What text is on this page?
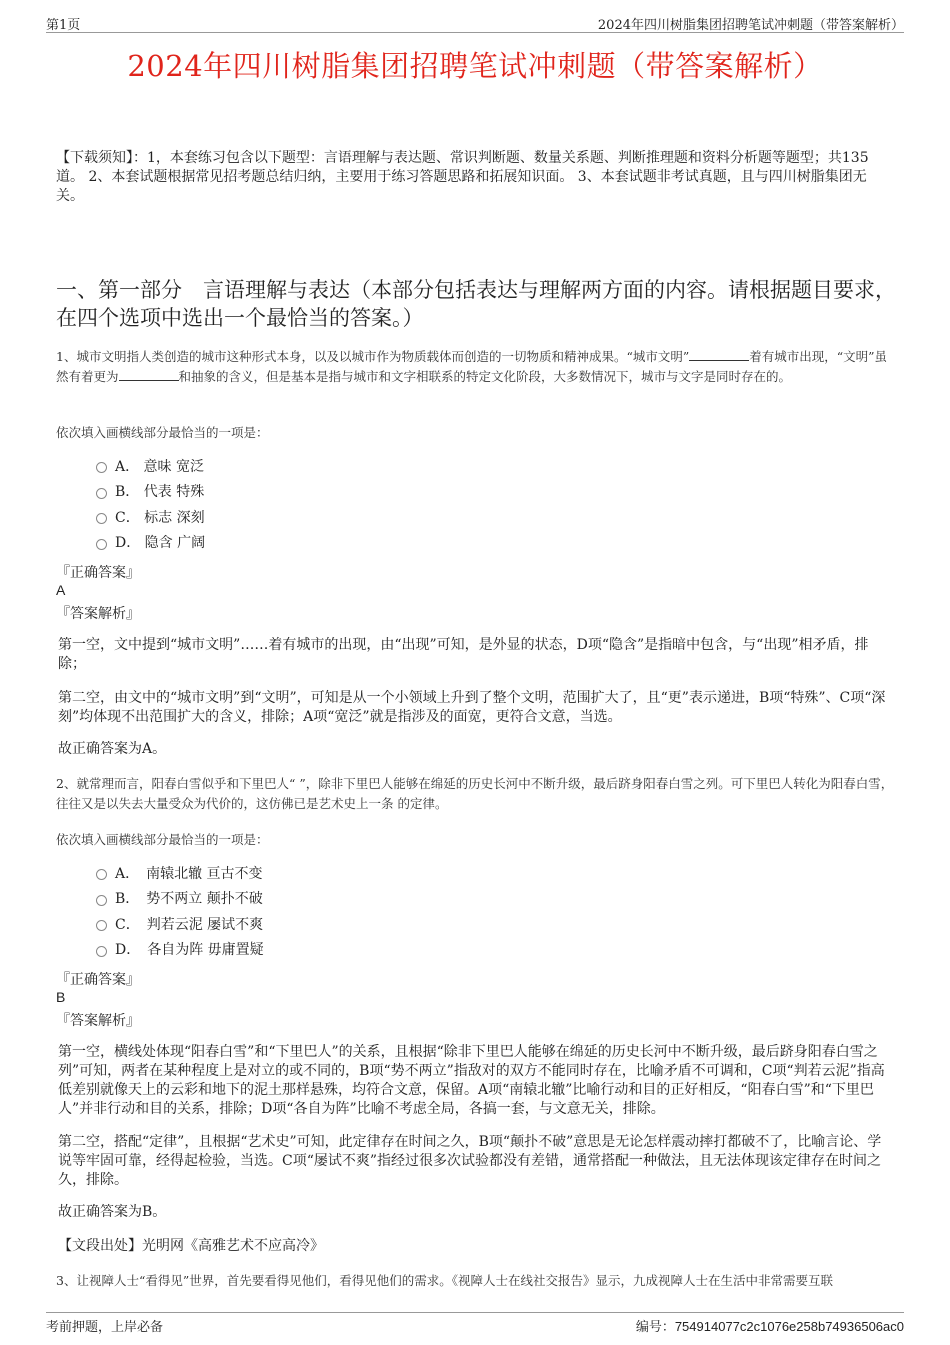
第1页	2024年四川树脂集团招聘笔试冲刺题（带答案解析）
2024年四川树脂集团招聘笔试冲刺题（带答案解析）
【下载须知】：1，本套练习包含以下题型：言语理解与表达题、常识判断题、数量关系题、判断推理题和资料分析题等题型；共135道。 2、本套试题根据常见招考题总结归纳，主要用于练习答题思路和拓展知识面。 3、本套试题非考试真题，且与四川树脂集团无关。
一、第一部分　言语理解与表达（本部分包括表达与理解两方面的内容。请根据题目要求，在四个选项中选出一个最恰当的答案。）
1、城市文明指人类创造的城市这种形式本身，以及以城市作为物质载体而创造的一切物质和精神成果。“城市文明”	着有城市出现，“文明”虽然有着更为	和抽象的含义，但是基本是指与城市和文字相联系的特定文化阶段，大多数情况下，城市与文字是同时存在的。
依次填入画横线部分最恰当的一项是：
A． 意味 宽泛
B． 代表 特殊
C． 标志 深刻
D． 隐含 广阔
『正确答案』
A
『答案解析』
第一空，文中提到“城市文明”……着有城市的出现，由“出现”可知，是外显的状态，D项“隐含”是指暗中包含，与“出现”相矛盾，排除；
第二空，由文中的“城市文明”到“文明”，可知是从一个小领域上升到了整个文明，范围扩大了，且“更”表示递进，B项“特殊”、C项“深刻”均体现不出范围扩大的含义，排除；A项“宽泛”就是指涉及的面宽，更符合文意，当选。
故正确答案为A。
2、就常理而言，阳春白雪似乎和下里巴人“ ”，除非下里巴人能够在绵延的历史长河中不断升级，最后跻身阳春白雪之列。可下里巴人转化为阳春白雪，往往又是以失去大量受众为代价的，这仿佛已是艺术史上一条 的定律。
依次填入画横线部分最恰当的一项是：
A．　南辕北辙 亘古不变
B．　势不两立 颠扑不破
C．　判若云泥 屡试不爽
D．　各自为阵 毋庸置疑
『正确答案』
B
『答案解析』
第一空，横线处体现“阳春白雪”和“下里巴人”的关系，且根据“除非下里巴人能够在绵延的历史长河中不断升级，最后跻身阳春白雪之列”可知，两者在某种程度上是对立的或不同的，B项“势不两立”指敌对的双方不能同时存在，比喻矛盾不可调和，C项“判若云泥”指高低差别就像天上的云彩和地下的泥土那样悬殊，均符合文意，保留。A项“南辕北辙”比喻行动和目的正好相反，“阳春白雪”和“下里巴人”并非行动和目的关系，排除；D项“各自为阵”比喻不考虑全局，各搞一套，与文意无关，排除。
第二空，搭配“定律”，且根据“艺术史”可知，此定律存在时间之久，B项“颠扑不破”意思是无论怎样震动摔打都破不了，比喻言论、学说等牢固可靠，经得起检验，当选。C项“屡试不爽”指经过很多次试验都没有差错，通常搭配一种做法，且无法体现该定律存在时间之久，排除。
故正确答案为B。
【文段出处】光明网《高雅艺术不应高冷》
3、让视障人士“看得见”世界，首先要看得见他们，看得见他们的需求。《视障人士在线社交报告》显示，九成视障人士在生活中非常需要互联
考前押题，上岸必备	编号：754914077c2c1076e258b74936506ac0
